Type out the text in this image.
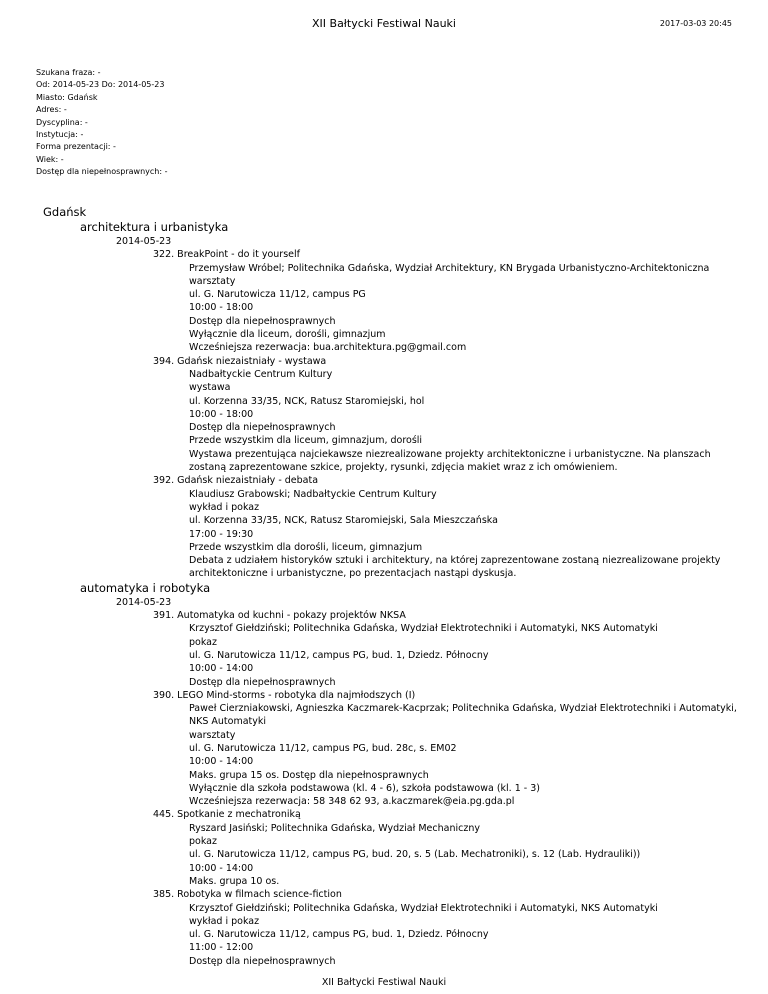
XII Bałtycki Festiwal Nauki	2017-03-03 20:45
Szukana fraza: -
Od: 2014-05-23 Do: 2014-05-23
Miasto: Gdańsk
Adres: -
Dyscyplina: -
Instytucja: -
Forma prezentacji: -
Wiek: -
Dostęp dla niepełnosprawnych: -
Gdańsk
architektura i urbanistyka
2014-05-23
322. BreakPoint - do it yourself
Przemysław Wróbel; Politechnika Gdańska, Wydział Architektury, KN Brygada Urbanistyczno-Architektoniczna
warsztaty
ul. G. Narutowicza 11/12, campus PG
10:00 - 18:00
Dostęp dla niepełnosprawnych
Wyłącznie dla liceum, dorośli, gimnazjum
Wcześniejsza rezerwacja: bua.architektura.pg@gmail.com
394. Gdańsk niezaistniały - wystawa
Nadbałtyckie Centrum Kultury
wystawa
ul. Korzenna 33/35, NCK, Ratusz Staromiejski, hol
10:00 - 18:00
Dostęp dla niepełnosprawnych
Przede wszystkim dla liceum, gimnazjum, dorośli
Wystawa prezentująca najciekawsze niezrealizowane projekty architektoniczne i urbanistyczne. Na planszach zostaną zaprezentowane szkice, projekty, rysunki, zdjęcia makiet wraz z ich omówieniem.
392. Gdańsk niezaistniały - debata
Klaudiusz Grabowski; Nadbałtyckie Centrum Kultury
wykład i pokaz
ul. Korzenna 33/35, NCK, Ratusz Staromiejski, Sala Mieszczańska
17:00 - 19:30
Przede wszystkim dla dorośli, liceum, gimnazjum
Debata z udziałem historyków sztuki i architektury, na której zaprezentowane zostaną niezrealizowane projekty architektoniczne i urbanistyczne, po prezentacjach nastąpi dyskusja.
automatyka i robotyka
2014-05-23
391. Automatyka od kuchni - pokazy projektów NKSA
Krzysztof Giełdziński; Politechnika Gdańska, Wydział Elektrotechniki i Automatyki, NKS Automatyki
pokaz
ul. G. Narutowicza 11/12, campus PG, bud. 1, Dziedz. Północny
10:00 - 14:00
Dostęp dla niepełnosprawnych
390. LEGO Mind-storms - robotyka dla najmłodszych (I)
Paweł Cierzniakowski, Agnieszka Kaczmarek-Kacprzak; Politechnika Gdańska, Wydział Elektrotechniki i Automatyki, NKS Automatyki
warsztaty
ul. G. Narutowicza 11/12, campus PG, bud. 28c, s. EM02
10:00 - 14:00
Maks. grupa 15 os. Dostęp dla niepełnosprawnych
Wyłącznie dla szkoła podstawowa (kl. 4 - 6), szkoła podstawowa (kl. 1 - 3)
Wcześniejsza rezerwacja: 58 348 62 93, a.kaczmarek@eia.pg.gda.pl
445. Spotkanie z mechatroniką
Ryszard Jasiński; Politechnika Gdańska, Wydział Mechaniczny
pokaz
ul. G. Narutowicza 11/12, campus PG, bud. 20, s. 5 (Lab. Mechatroniki), s. 12 (Lab. Hydrauliki))
10:00 - 14:00
Maks. grupa 10 os.
385. Robotyka w filmach science-fiction
Krzysztof Giełdziński; Politechnika Gdańska, Wydział Elektrotechniki i Automatyki, NKS Automatyki
wykład i pokaz
ul. G. Narutowicza 11/12, campus PG, bud. 1, Dziedz. Północny
11:00 - 12:00
Dostęp dla niepełnosprawnych
XII Bałtycki Festiwal Nauki
